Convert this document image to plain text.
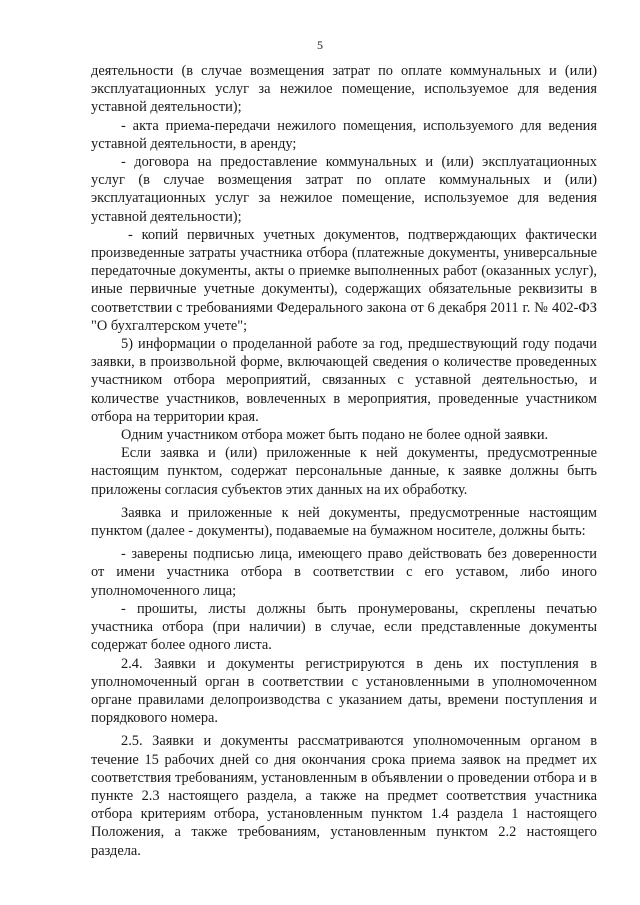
5

деятельности (в случае возмещения затрат по оплате коммунальных и (или) эксплуатационных услуг за нежилое помещение, используемое для ведения уставной деятельности);

- акта приема-передачи нежилого помещения, используемого для ведения уставной деятельности, в аренду;

- договора на предоставление коммунальных и (или) эксплуатационных услуг (в случае возмещения затрат по оплате коммунальных и (или) эксплуатационных услуг за нежилое помещение, используемое для ведения уставной деятельности);

- копий первичных учетных документов, подтверждающих фактически произведенные затраты участника отбора (платежные документы, универсальные передаточные документы, акты о приемке выполненных работ (оказанных услуг), иные первичные учетные документы), содержащих обязательные реквизиты в соответствии с требованиями Федерального закона от 6 декабря 2011 г. № 402-ФЗ "О бухгалтерском учете";

5) информации о проделанной работе за год, предшествующий году подачи заявки, в произвольной форме, включающей сведения о количестве проведенных участником отбора мероприятий, связанных с уставной деятельностью, и количестве участников, вовлеченных в мероприятия, проведенные участником отбора на территории края.

Одним участником отбора может быть подано не более одной заявки.

Если заявка и (или) приложенные к ней документы, предусмотренные настоящим пунктом, содержат персональные данные, к заявке должны быть приложены согласия субъектов этих данных на их обработку.

Заявка и приложенные к ней документы, предусмотренные настоящим пунктом (далее - документы), подаваемые на бумажном носителе, должны быть:

- заверены подписью лица, имеющего право действовать без доверенности от имени участника отбора в соответствии с его уставом, либо иного уполномоченного лица;

- прошиты, листы должны быть пронумерованы, скреплены печатью участника отбора (при наличии) в случае, если представленные документы содержат более одного листа.

2.4. Заявки и документы регистрируются в день их поступления в уполномоченный орган в соответствии с установленными в уполномоченном органе правилами делопроизводства с указанием даты, времени поступления и порядкового номера.

2.5. Заявки и документы рассматриваются уполномоченным органом в течение 15 рабочих дней со дня окончания срока приема заявок на предмет их соответствия требованиям, установленным в объявлении о проведении отбора и в пункте 2.3 настоящего раздела, а также на предмет соответствия участника отбора критериям отбора, установленным пунктом 1.4 раздела 1 настоящего Положения, а также требованиям, установленным пунктом 2.2 настоящего раздела.
